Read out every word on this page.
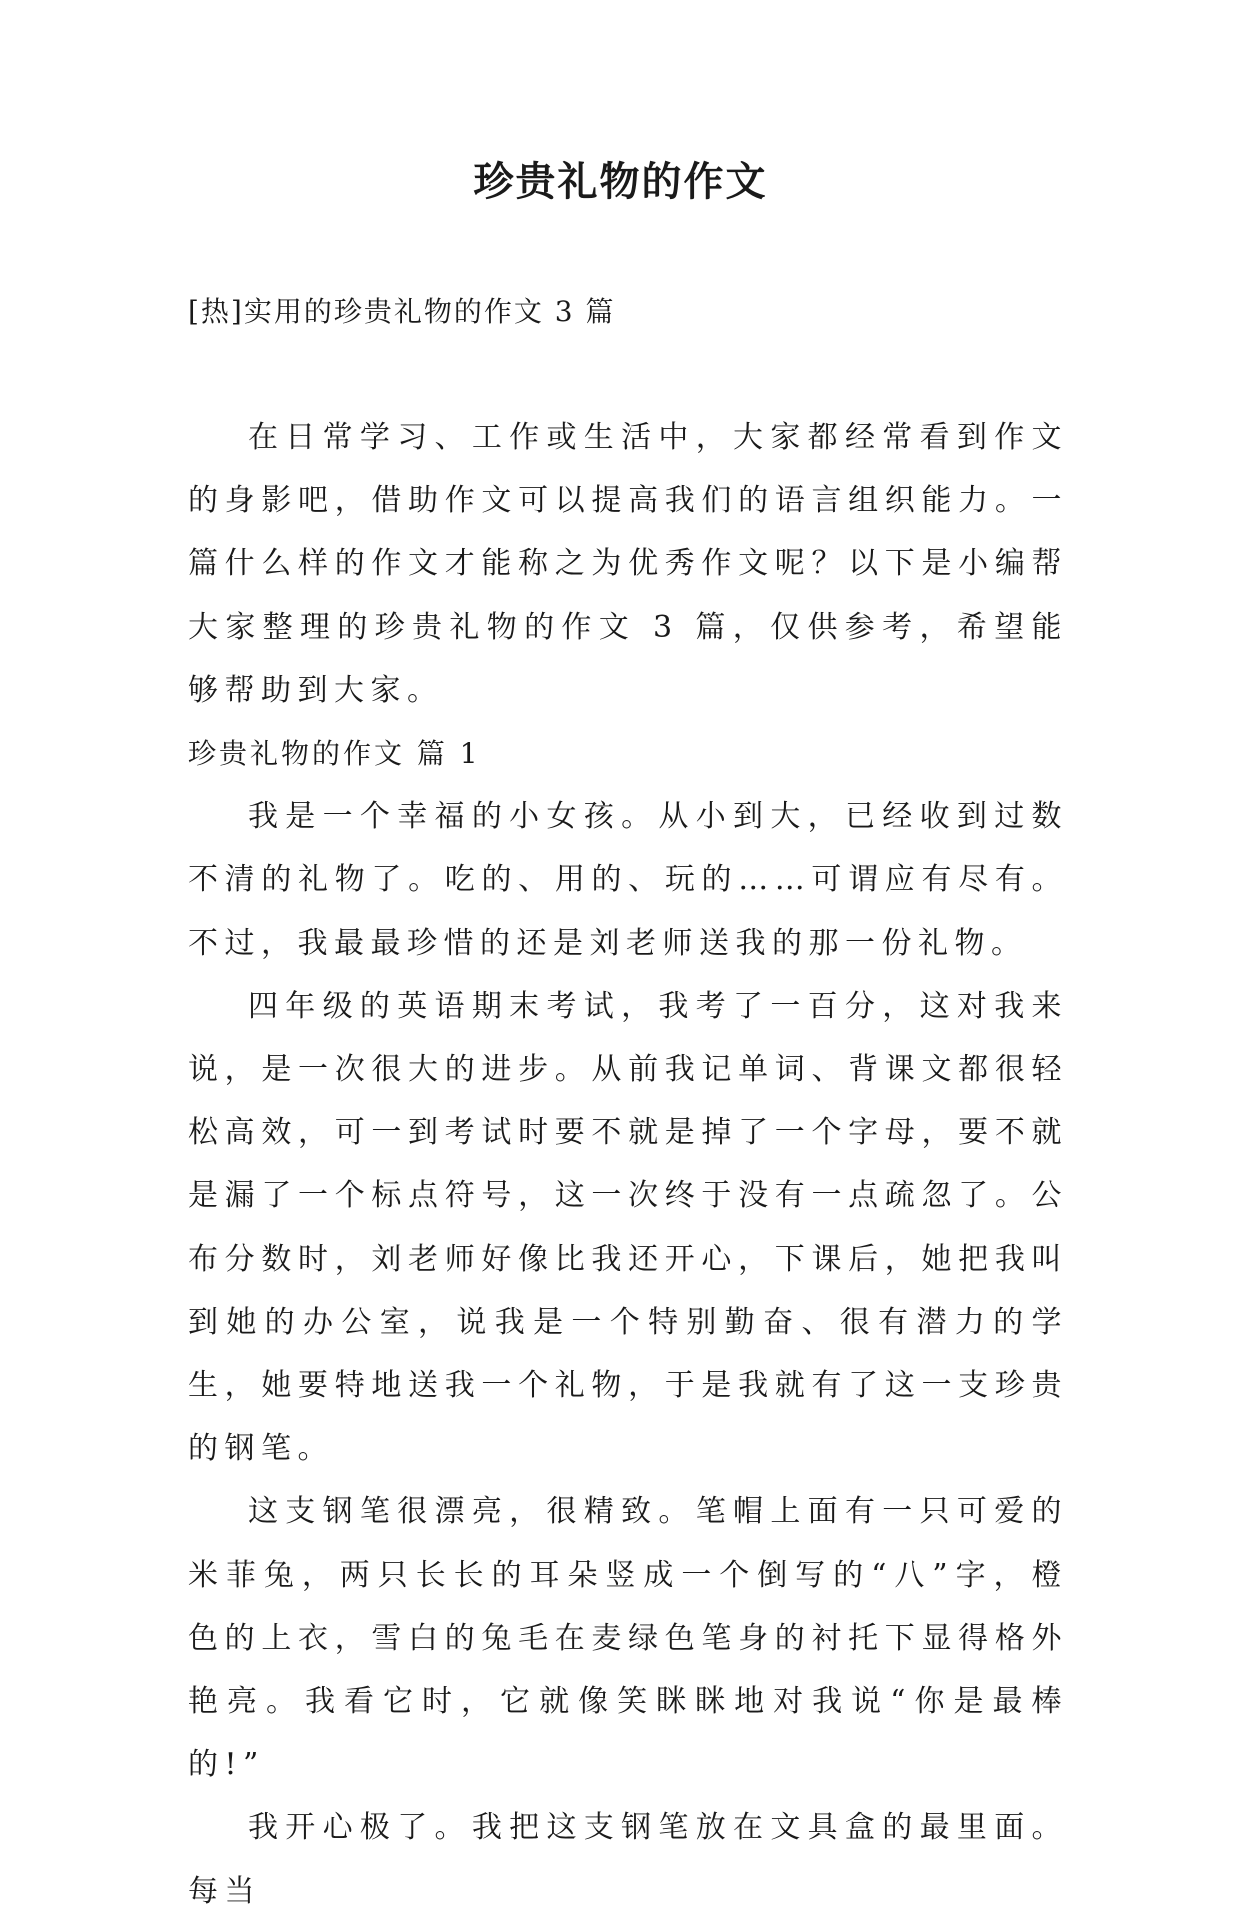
珍贵礼物的作文
[热]实用的珍贵礼物的作文 3 篇

在日常学习、工作或生活中，大家都经常看到作文的身影吧，借助作文可以提高我们的语言组织能力。一篇什么样的作文才能称之为优秀作文呢？以下是小编帮大家整理的珍贵礼物的作文 3 篇，仅供参考，希望能够帮助到大家。

珍贵礼物的作文 篇 1

我是一个幸福的小女孩。从小到大，已经收到过数不清的礼物了。吃的、用的、玩的……可谓应有尽有。不过，我最最珍惜的还是刘老师送我的那一份礼物。

四年级的英语期末考试，我考了一百分，这对我来说，是一次很大的进步。从前我记单词、背课文都很轻松高效，可一到考试时要不就是掉了一个字母，要不就是漏了一个标点符号，这一次终于没有一点疏忽了。公布分数时，刘老师好像比我还开心，下课后，她把我叫到她的办公室，说我是一个特别勤奋、很有潜力的学生，她要特地送我一个礼物，于是我就有了这一支珍贵的钢笔。

这支钢笔很漂亮，很精致。笔帽上面有一只可爱的米菲兔，两只长长的耳朵竖成一个倒写的“八”字，橙色的上衣，雪白的兔毛在麦绿色笔身的衬托下显得格外艳亮。我看它时，它就像笑眯眯地对我说“你是最棒的!”

我开心极了。我把这支钢笔放在文具盒的最里面。每当
